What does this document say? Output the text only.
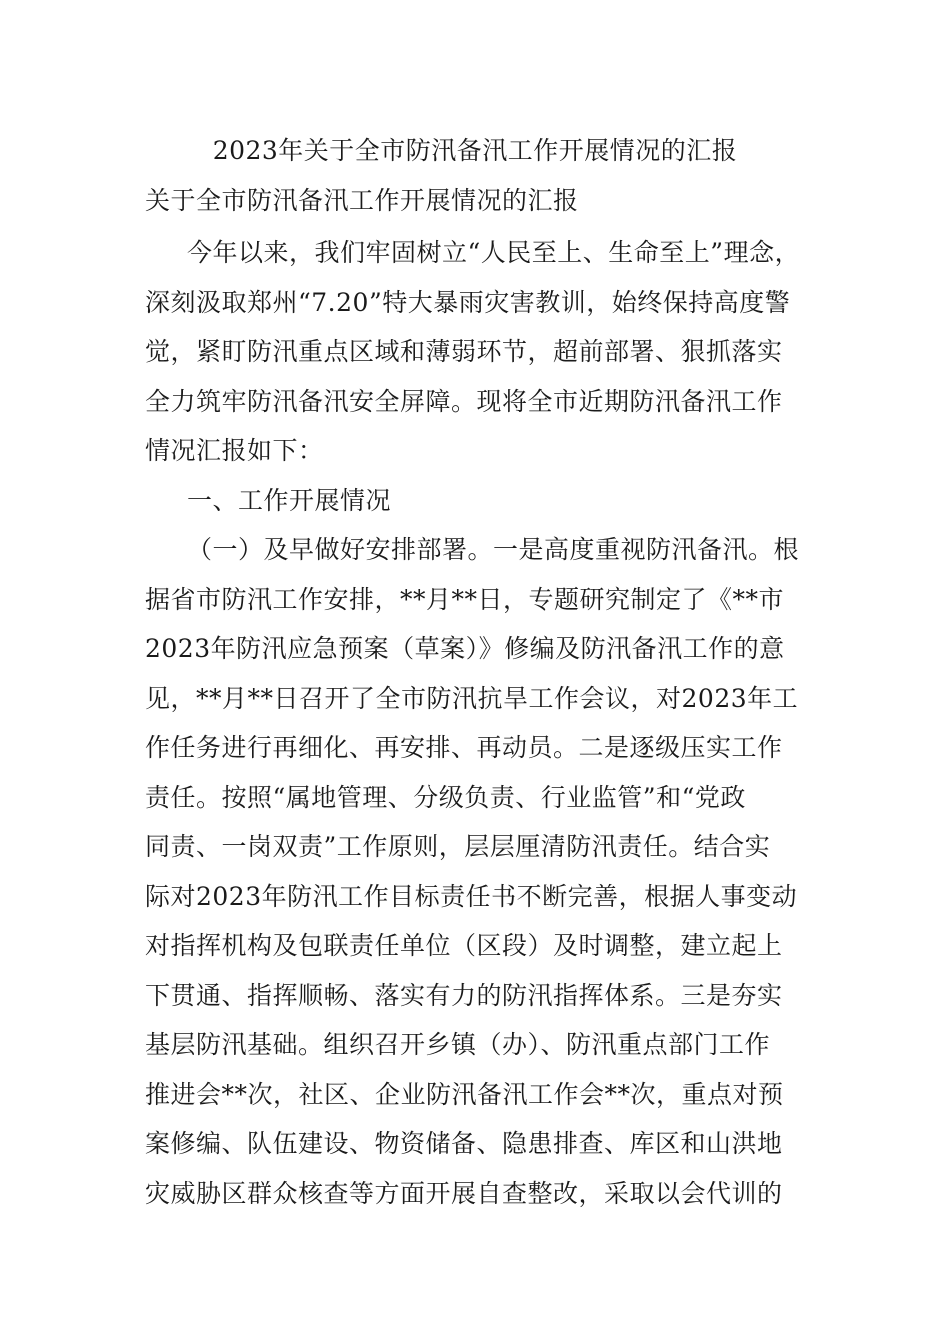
2023年关于全市防汛备汛工作开展情况的汇报
关于全市防汛备汛工作开展情况的汇报
今年以来，我们牢固树立“人民至上、生命至上”理念，
深刻汲取郑州“7.20”特大暴雨灾害教训，始终保持高度警
觉，紧盯防汛重点区域和薄弱环节，超前部署、狠抓落实
全力筑牢防汛备汛安全屏障。现将全市近期防汛备汛工作
情况汇报如下：
一、工作开展情况
（一）及早做好安排部署。一是高度重视防汛备汛。根
据省市防汛工作安排，**月**日，专题研究制定了《**市
2023年防汛应急预案（草案）》修编及防汛备汛工作的意
见，**月**日召开了全市防汛抗旱工作会议，对2023年工
作任务进行再细化、再安排、再动员。二是逐级压实工作
责任。按照“属地管理、分级负责、行业监管”和“党政
同责、一岗双责”工作原则，层层厘清防汛责任。结合实
际对2023年防汛工作目标责任书不断完善，根据人事变动
对指挥机构及包联责任单位（区段）及时调整，建立起上
下贯通、指挥顺畅、落实有力的防汛指挥体系。三是夯实
基层防汛基础。组织召开乡镇（办）、防汛重点部门工作
推进会**次，社区、企业防汛备汛工作会**次，重点对预
案修编、队伍建设、物资储备、隐患排查、库区和山洪地
灾威胁区群众核查等方面开展自查整改，采取以会代训的
